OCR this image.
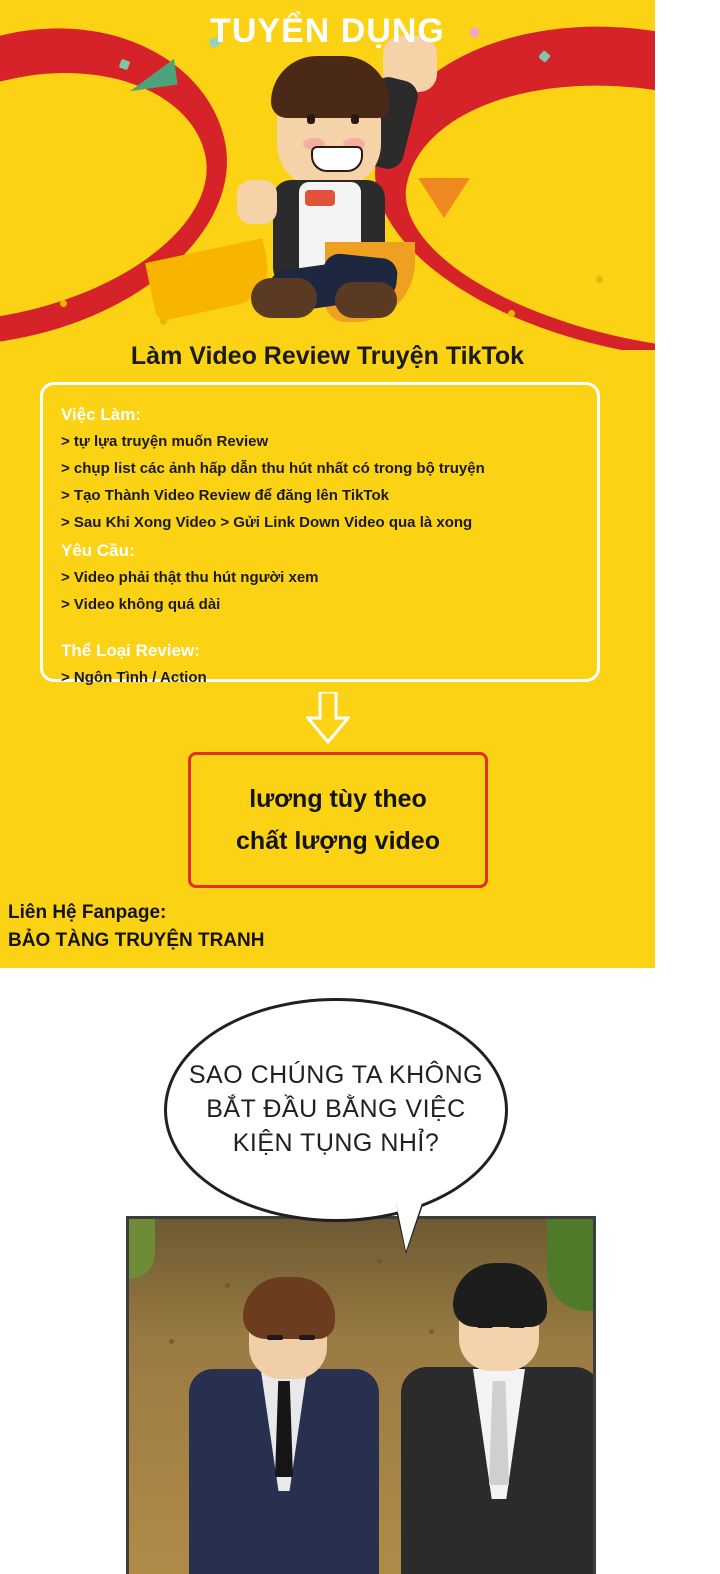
TUYỂN DỤNG
Làm Video Review Truyện TikTok
Việc Làm:
> tự lựa truyện muốn Review
> chụp list các ảnh hấp dẫn thu hút nhất có trong bộ truyện
> Tạo Thành Video Review để đăng lên TikTok
> Sau Khi Xong Video > Gửi Link Down Video qua là xong
Yêu Cầu:
> Video phải thật thu hút người xem
> Video không quá dài
Thể Loại Review:
> Ngôn Tình / Action
lương tùy theo
chất lượng video
Liên Hệ Fanpage:
BẢO TÀNG TRUYỆN TRANH
SAO CHÚNG TA KHÔNG BẮT ĐẦU BẰNG VIỆC KIỆN TỤNG NHỈ?
